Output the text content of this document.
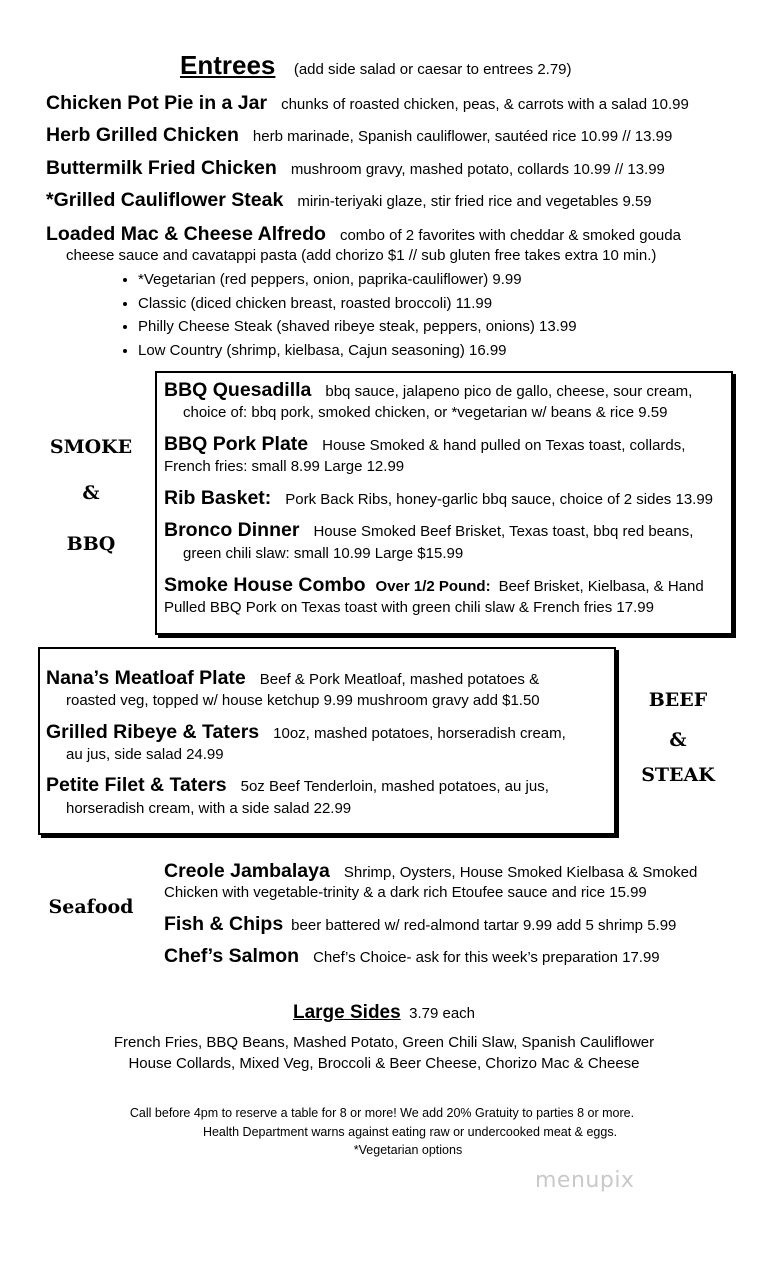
Entrees (add side salad or caesar to entrees 2.79)
Chicken Pot Pie in a Jar chunks of roasted chicken, peas, & carrots with a salad 10.99
Herb Grilled Chicken herb marinade, Spanish cauliflower, sautéed rice 10.99 // 13.99
Buttermilk Fried Chicken mushroom gravy, mashed potato, collards 10.99 // 13.99
*Grilled Cauliflower Steak mirin-teriyaki glaze, stir fried rice and vegetables 9.59
Loaded Mac & Cheese Alfredo combo of 2 favorites with cheddar & smoked gouda
cheese sauce and cavatappi pasta (add chorizo $1 // sub gluten free takes extra 10 min.)
• *Vegetarian (red peppers, onion, paprika-cauliflower) 9.99
• Classic (diced chicken breast, roasted broccoli) 11.99
• Philly Cheese Steak (shaved ribeye steak, peppers, onions) 13.99
• Low Country (shrimp, kielbasa, Cajun seasoning) 16.99
SMOKE
&
BBQ
BBQ Quesadilla bbq sauce, jalapeno pico de gallo, cheese, sour cream,
choice of: bbq pork, smoked chicken, or *vegetarian w/ beans & rice 9.59
BBQ Pork Plate House Smoked & hand pulled on Texas toast, collards,
French fries: small 8.99 Large 12.99
Rib Basket: Pork Back Ribs, honey-garlic bbq sauce, choice of 2 sides 13.99
Bronco Dinner House Smoked Beef Brisket, Texas toast, bbq red beans,
green chili slaw: small 10.99 Large $15.99
Smoke House Combo Over 1/2 Pound: Beef Brisket, Kielbasa, & Hand
Pulled BBQ Pork on Texas toast with green chili slaw & French fries 17.99
Nana’s Meatloaf Plate Beef & Pork Meatloaf, mashed potatoes &
roasted veg, topped w/ house ketchup 9.99 mushroom gravy add $1.50
Grilled Ribeye & Taters 10oz, mashed potatoes, horseradish cream,
au jus, side salad 24.99
Petite Filet & Taters 5oz Beef Tenderloin, mashed potatoes, au jus,
horseradish cream, with a side salad 22.99
BEEF
&
STEAK
Seafood
Creole Jambalaya Shrimp, Oysters, House Smoked Kielbasa & Smoked
Chicken with vegetable-trinity & a dark rich Etoufee sauce and rice 15.99
Fish & Chips beer battered w/ red-almond tartar 9.99 add 5 shrimp 5.99
Chef’s Salmon Chef’s Choice- ask for this week’s preparation 17.99
Large Sides 3.79 each
French Fries, BBQ Beans, Mashed Potato, Green Chili Slaw, Spanish Cauliflower
House Collards, Mixed Veg, Broccoli & Beer Cheese, Chorizo Mac & Cheese
Call before 4pm to reserve a table for 8 or more! We add 20% Gratuity to parties 8 or more.
Health Department warns against eating raw or undercooked meat & eggs.
*Vegetarian options
menupix
